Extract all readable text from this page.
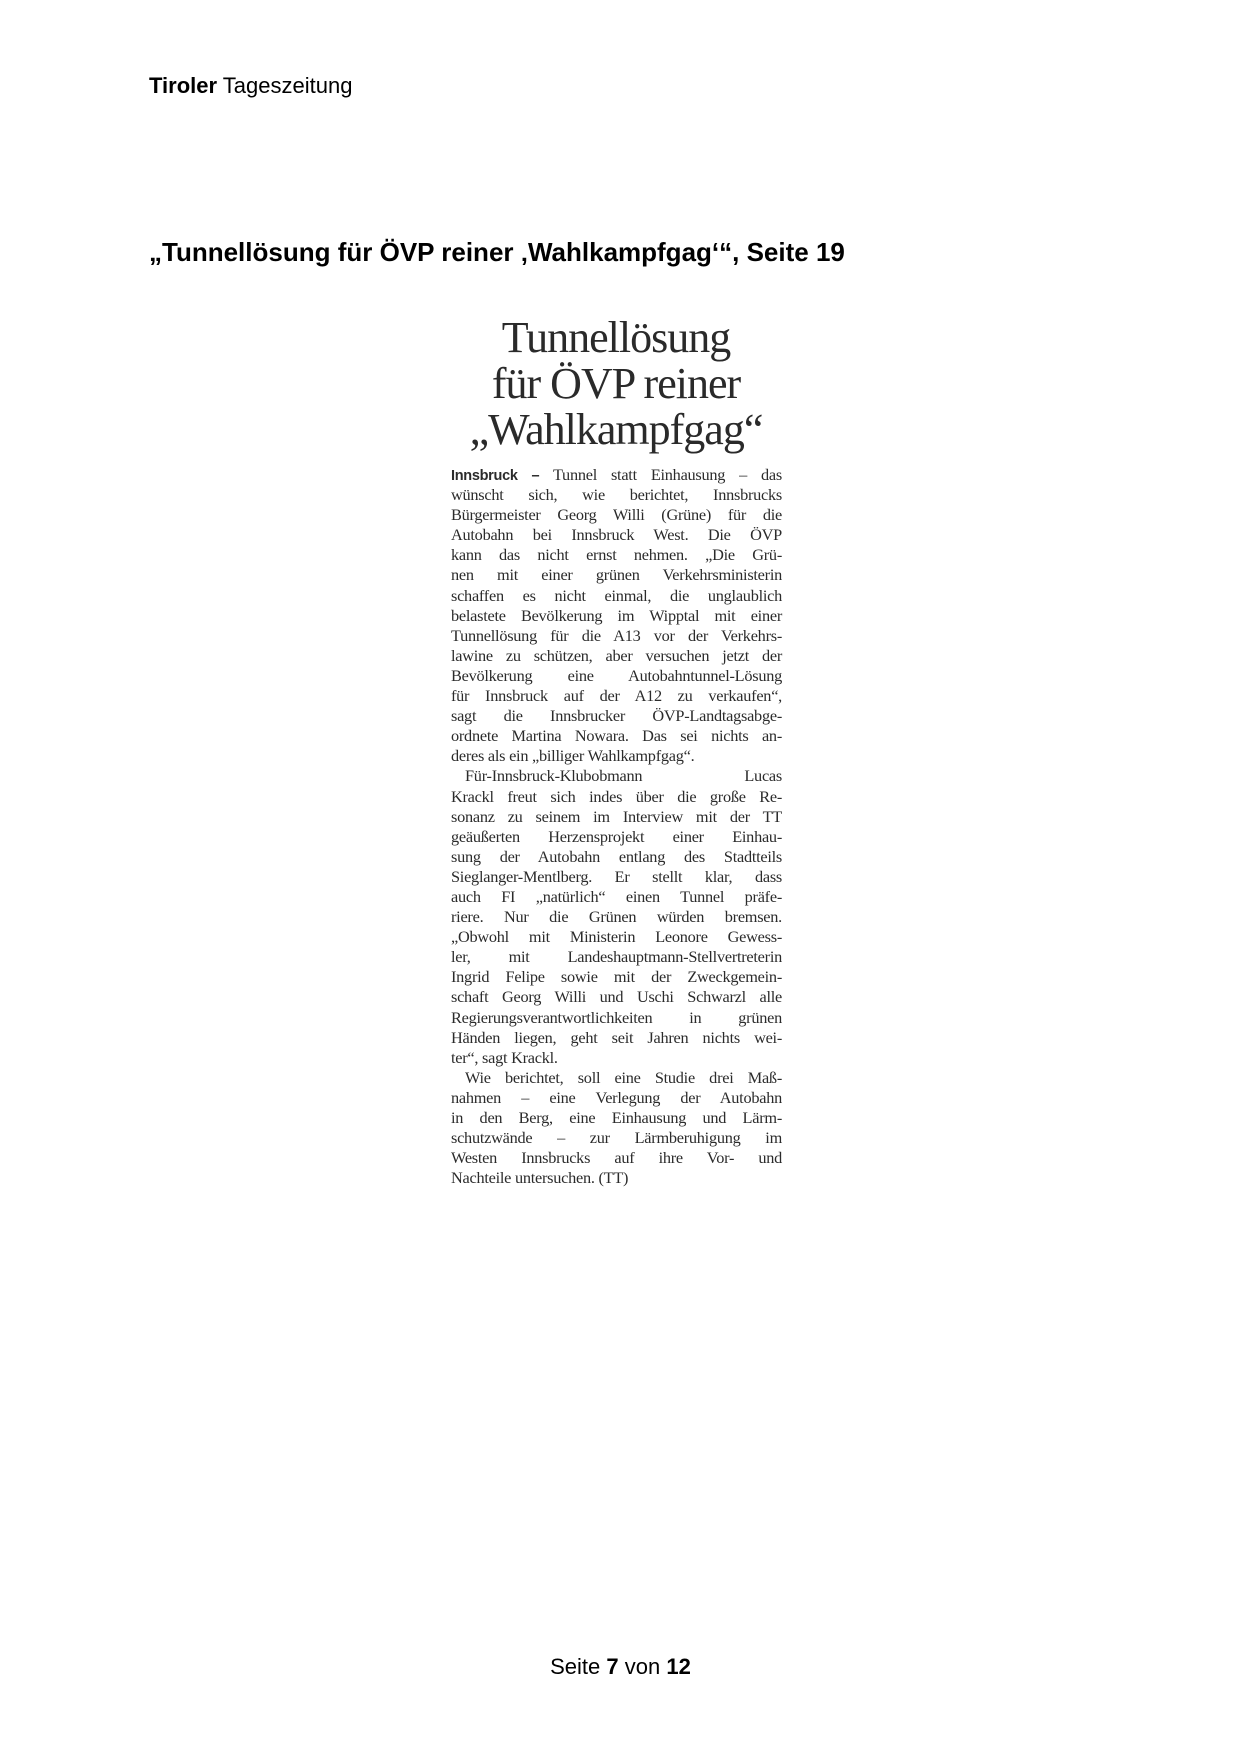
Tiroler Tageszeitung
„Tunnellösung für ÖVP reiner ‚Wahlkampfgag‘“, Seite 19
Tunnellösung
für ÖVP reiner
„Wahlkampfgag“
Innsbruck – Tunnel statt Einhausung – das
wünscht sich, wie berichtet, Innsbrucks
Bürgermeister Georg Willi (Grüne) für die
Autobahn bei Innsbruck West. Die ÖVP
kann das nicht ernst nehmen. „Die Grü-
nen mit einer grünen Verkehrsministerin
schaffen es nicht einmal, die unglaublich
belastete Bevölkerung im Wipptal mit einer
Tunnellösung für die A13 vor der Verkehrs-
lawine zu schützen, aber versuchen jetzt der
Bevölkerung eine Autobahntunnel-Lösung
für Innsbruck auf der A12 zu verkaufen“,
sagt die Innsbrucker ÖVP-Landtagsabge-
ordnete Martina Nowara. Das sei nichts an-
deres als ein „billiger Wahlkampfgag“.
Für-Innsbruck-Klubobmann Lucas
Krackl freut sich indes über die große Re-
sonanz zu seinem im Interview mit der TT
geäußerten Herzensprojekt einer Einhau-
sung der Autobahn entlang des Stadtteils
Sieglanger-Mentlberg. Er stellt klar, dass
auch FI „natürlich“ einen Tunnel präfe-
riere. Nur die Grünen würden bremsen.
„Obwohl mit Ministerin Leonore Gewess-
ler, mit Landeshauptmann-Stellvertreterin
Ingrid Felipe sowie mit der Zweckgemein-
schaft Georg Willi und Uschi Schwarzl alle
Regierungsverantwortlichkeiten in grünen
Händen liegen, geht seit Jahren nichts wei-
ter“, sagt Krackl.
Wie berichtet, soll eine Studie drei Maß-
nahmen – eine Verlegung der Autobahn
in den Berg, eine Einhausung und Lärm-
schutzwände – zur Lärmberuhigung im
Westen Innsbrucks auf ihre Vor- und
Nachteile untersuchen. (TT)
Seite 7 von 12
